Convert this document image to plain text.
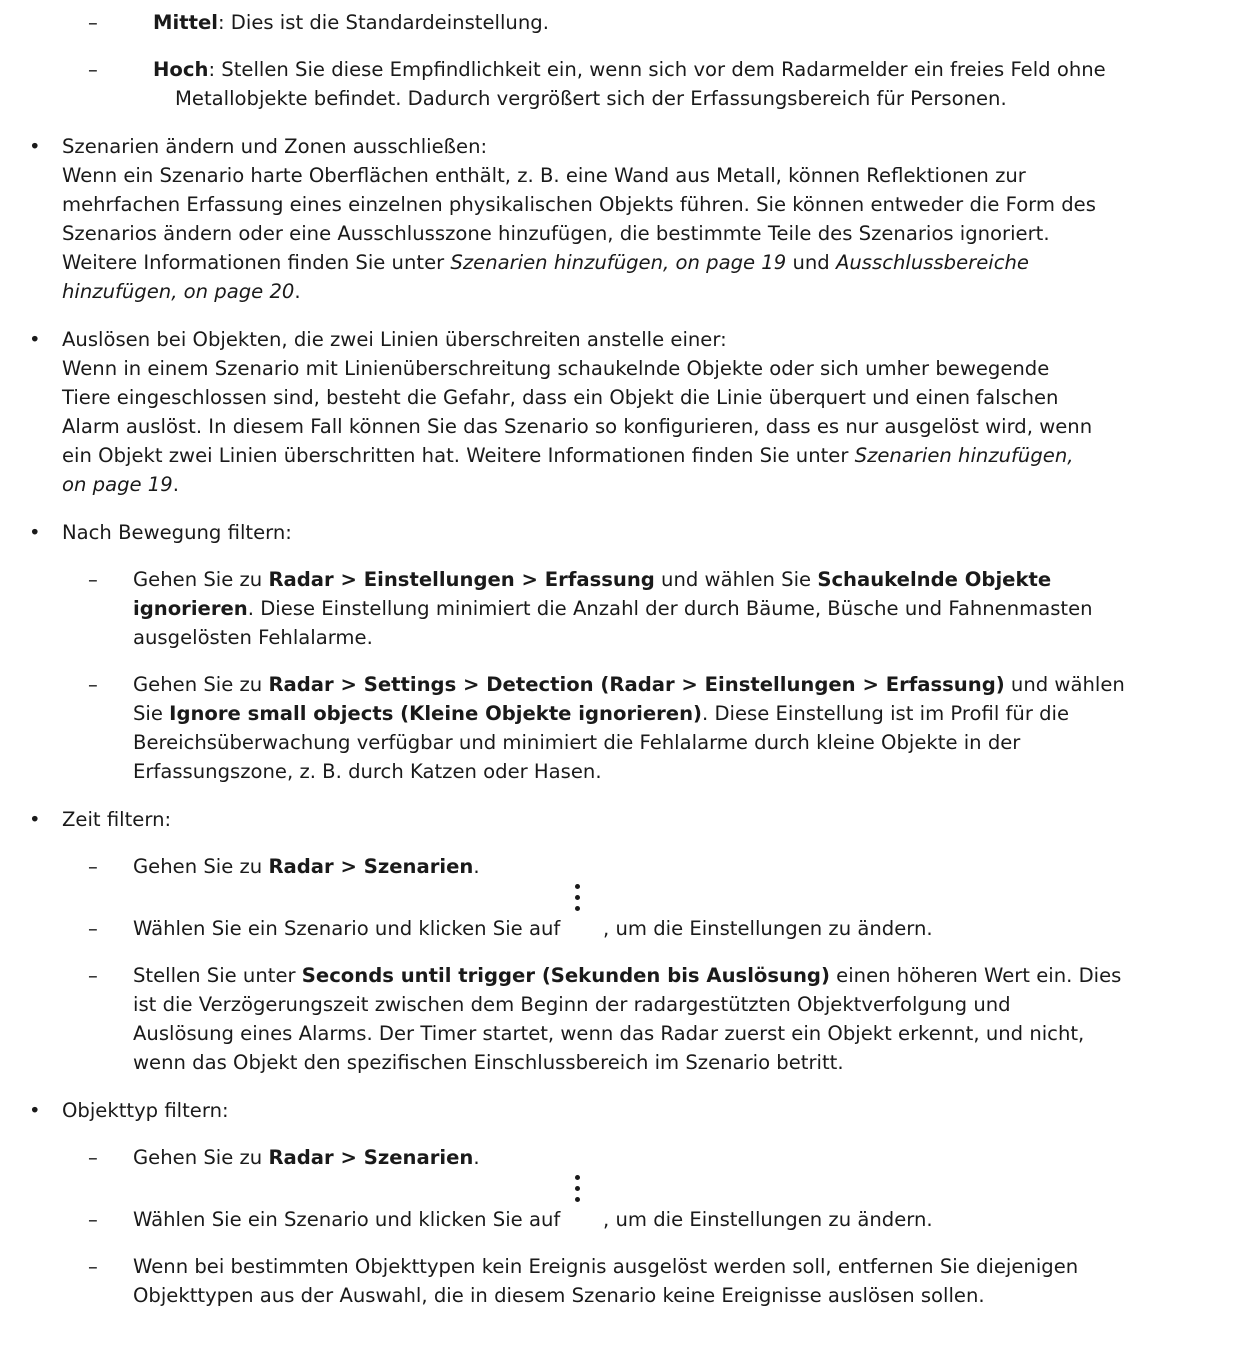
–	Mittel: Dies ist die Standardeinstellung.
–	Hoch: Stellen Sie diese Empfindlichkeit ein, wenn sich vor dem Radarmelder ein freies Feld ohne
Metallobjekte befindet. Dadurch vergrößert sich der Erfassungsbereich für Personen.
• Szenarien ändern und Zonen ausschließen:
Wenn ein Szenario harte Oberflächen enthält, z. B. eine Wand aus Metall, können Reflektionen zur
mehrfachen Erfassung eines einzelnen physikalischen Objekts führen. Sie können entweder die Form des
Szenarios ändern oder eine Ausschlusszone hinzufügen, die bestimmte Teile des Szenarios ignoriert.
Weitere Informationen finden Sie unter Szenarien hinzufügen, on page 19 und Ausschlussbereiche
hinzufügen, on page 20.
• Auslösen bei Objekten, die zwei Linien überschreiten anstelle einer:
Wenn in einem Szenario mit Linienüberschreitung schaukelnde Objekte oder sich umher bewegende
Tiere eingeschlossen sind, besteht die Gefahr, dass ein Objekt die Linie überquert und einen falschen
Alarm auslöst. In diesem Fall können Sie das Szenario so konfigurieren, dass es nur ausgelöst wird, wenn
ein Objekt zwei Linien überschritten hat. Weitere Informationen finden Sie unter Szenarien hinzufügen,
on page 19.
• Nach Bewegung filtern:
– Gehen Sie zu Radar > Einstellungen > Erfassung und wählen Sie Schaukelnde Objekte
ignorieren. Diese Einstellung minimiert die Anzahl der durch Bäume, Büsche und Fahnenmasten
ausgelösten Fehlalarme.
– Gehen Sie zu Radar > Settings > Detection (Radar > Einstellungen > Erfassung) und wählen
Sie Ignore small objects (Kleine Objekte ignorieren). Diese Einstellung ist im Profil für die
Bereichsüberwachung verfügbar und minimiert die Fehlalarme durch kleine Objekte in der
Erfassungszone, z. B. durch Katzen oder Hasen.
• Zeit filtern:
– Gehen Sie zu Radar > Szenarien.
– Wählen Sie ein Szenario und klicken Sie auf , um die Einstellungen zu ändern.
– Stellen Sie unter Seconds until trigger (Sekunden bis Auslösung) einen höheren Wert ein. Dies
ist die Verzögerungszeit zwischen dem Beginn der radargestützten Objektverfolgung und
Auslösung eines Alarms. Der Timer startet, wenn das Radar zuerst ein Objekt erkennt, und nicht,
wenn das Objekt den spezifischen Einschlussbereich im Szenario betritt.
• Objekttyp filtern:
– Gehen Sie zu Radar > Szenarien.
– Wählen Sie ein Szenario und klicken Sie auf , um die Einstellungen zu ändern.
– Wenn bei bestimmten Objekttypen kein Ereignis ausgelöst werden soll, entfernen Sie diejenigen
Objekttypen aus der Auswahl, die in diesem Szenario keine Ereignisse auslösen sollen.
